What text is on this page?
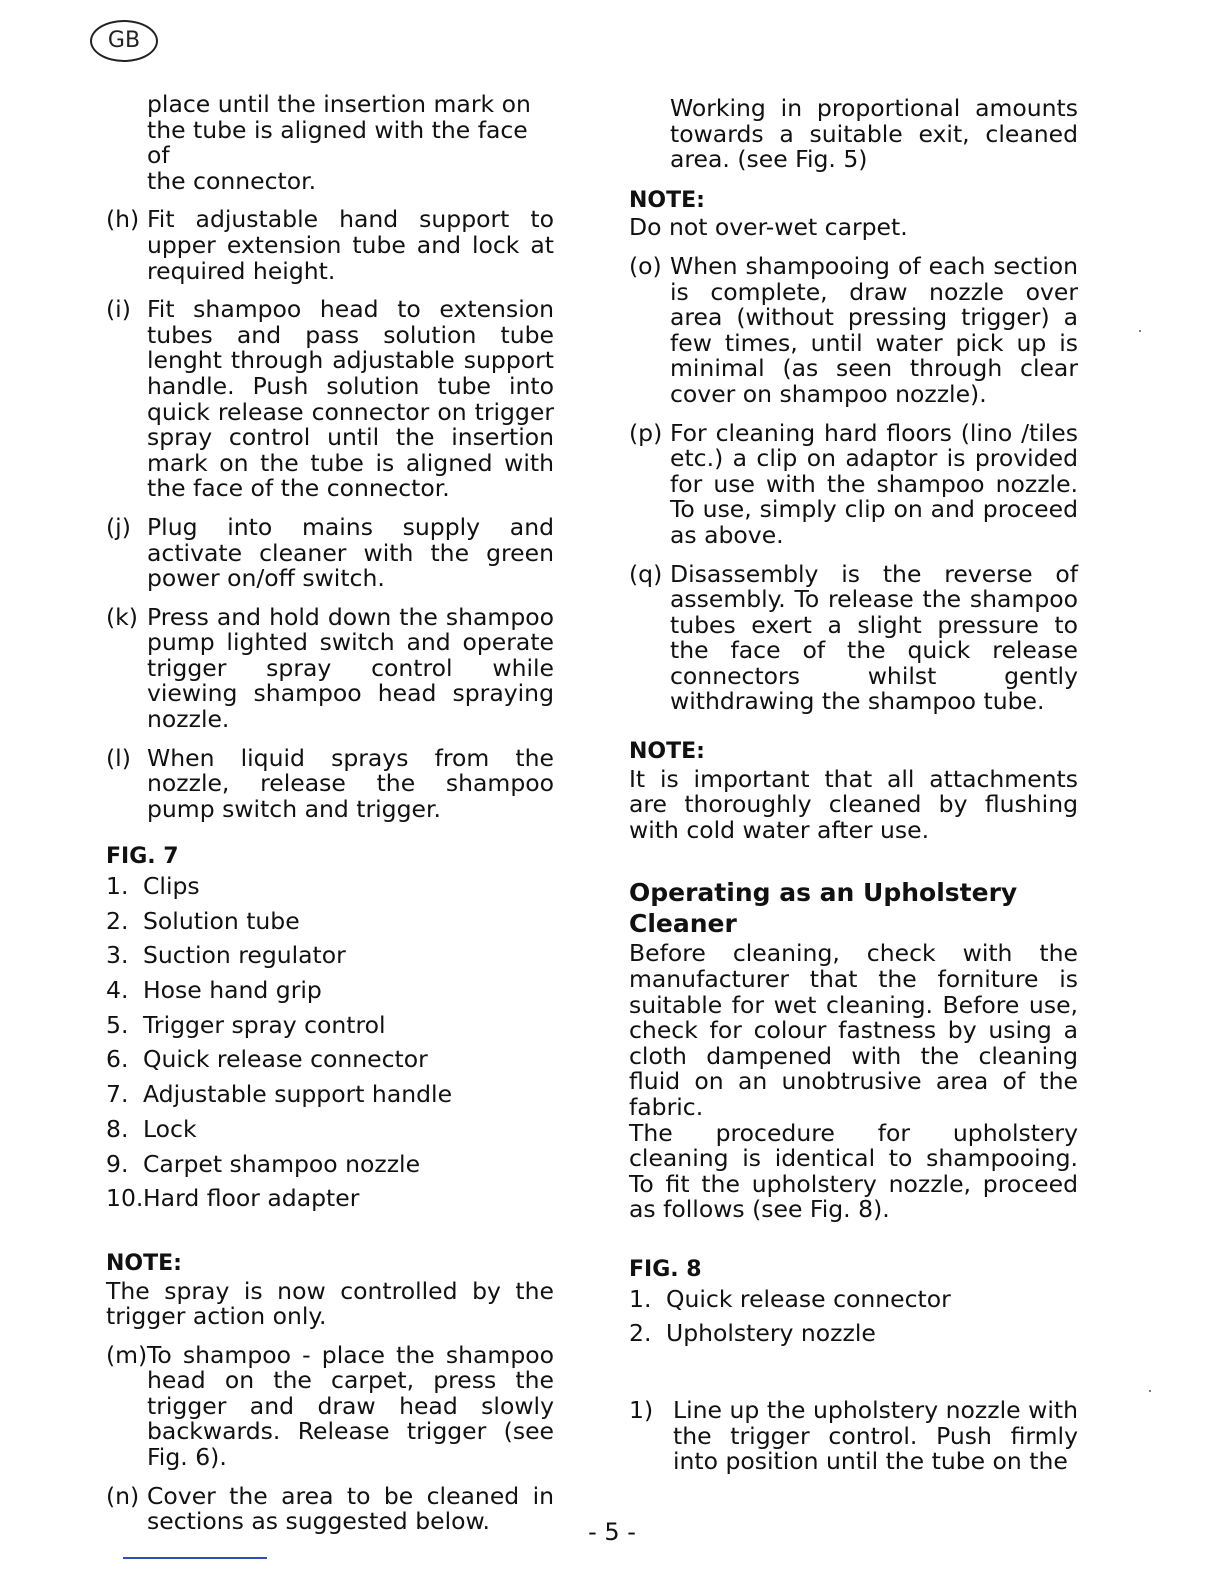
GB
place until the insertion mark on
the tube is aligned with the face of
the connector.
(h) Fit adjustable hand support to upper extension tube and lock at required height.
(i) Fit shampoo head to extension tubes and pass solution tube lenght through adjustable support handle. Push solution tube into quick release connector on trigger spray control until the insertion mark on the tube is aligned with the face of the connector.
(j) Plug into mains supply and activate cleaner with the green power on/off switch.
(k) Press and hold down the shampoo pump lighted switch and operate trigger spray control while viewing shampoo head spraying nozzle.
(l) When liquid sprays from the nozzle, release the shampoo pump switch and trigger.
FIG. 7
1. Clips
2. Solution tube
3. Suction regulator
4. Hose hand grip
5. Trigger spray control
6. Quick release connector
7. Adjustable support handle
8. Lock
9. Carpet shampoo nozzle
10. Hard floor adapter
NOTE:
The spray is now controlled by the trigger action only.
(m) To shampoo - place the shampoo head on the carpet, press the trigger and draw head slowly backwards. Release trigger (see Fig. 6).
(n) Cover the area to be cleaned in sections as suggested below.
Working in proportional amounts towards a suitable exit, cleaned area. (see Fig. 5)
NOTE:
Do not over-wet carpet.
(o) When shampooing of each section is complete, draw nozzle over area (without pressing trigger) a few times, until water pick up is minimal (as seen through clear cover on shampoo nozzle).
(p) For cleaning hard floors (lino /tiles etc.) a clip on adaptor is provided for use with the shampoo nozzle. To use, simply clip on and proceed as above.
(q) Disassembly is the reverse of assembly. To release the shampoo tubes exert a slight pressure to the face of the quick release connectors whilst gently withdrawing the shampoo tube.
NOTE:
It is important that all attachments are thoroughly cleaned by flushing with cold water after use.
Operating as an Upholstery Cleaner
Before cleaning, check with the manufacturer that the forniture is suitable for wet cleaning. Before use, check for colour fastness by using a cloth dampened with the cleaning fluid on an unobtrusive area of the fabric.
The procedure for upholstery cleaning is identical to shampooing. To fit the upholstery nozzle, proceed as follows (see Fig. 8).
FIG. 8
1. Quick release connector
2. Upholstery nozzle
1) Line up the upholstery nozzle with the trigger control. Push firmly into position until the tube on the
- 5 -
